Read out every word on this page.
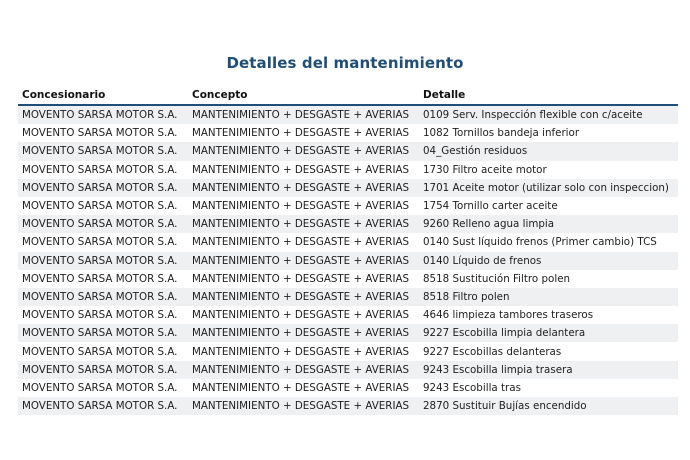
Detalles del mantenimiento
Concesionario	Concepto	Detalle
MOVENTO SARSA MOTOR S.A.	MANTENIMIENTO + DESGASTE + AVERIAS	0109 Serv. Inspección flexible con c/aceite
MOVENTO SARSA MOTOR S.A.	MANTENIMIENTO + DESGASTE + AVERIAS	1082 Tornillos bandeja inferior
MOVENTO SARSA MOTOR S.A.	MANTENIMIENTO + DESGASTE + AVERIAS	04_Gestión residuos
MOVENTO SARSA MOTOR S.A.	MANTENIMIENTO + DESGASTE + AVERIAS	1730 Filtro aceite motor
MOVENTO SARSA MOTOR S.A.	MANTENIMIENTO + DESGASTE + AVERIAS	1701 Aceite motor (utilizar solo con inspeccion)
MOVENTO SARSA MOTOR S.A.	MANTENIMIENTO + DESGASTE + AVERIAS	1754 Tornillo carter aceite
MOVENTO SARSA MOTOR S.A.	MANTENIMIENTO + DESGASTE + AVERIAS	9260 Relleno agua limpia
MOVENTO SARSA MOTOR S.A.	MANTENIMIENTO + DESGASTE + AVERIAS	0140 Sust líquido frenos (Primer cambio) TCS
MOVENTO SARSA MOTOR S.A.	MANTENIMIENTO + DESGASTE + AVERIAS	0140 Líquido de frenos
MOVENTO SARSA MOTOR S.A.	MANTENIMIENTO + DESGASTE + AVERIAS	8518 Sustitución Filtro polen
MOVENTO SARSA MOTOR S.A.	MANTENIMIENTO + DESGASTE + AVERIAS	8518 Filtro polen
MOVENTO SARSA MOTOR S.A.	MANTENIMIENTO + DESGASTE + AVERIAS	4646 limpieza tambores traseros
MOVENTO SARSA MOTOR S.A.	MANTENIMIENTO + DESGASTE + AVERIAS	9227 Escobilla limpia delantera
MOVENTO SARSA MOTOR S.A.	MANTENIMIENTO + DESGASTE + AVERIAS	9227 Escobillas delanteras
MOVENTO SARSA MOTOR S.A.	MANTENIMIENTO + DESGASTE + AVERIAS	9243 Escobilla limpia trasera
MOVENTO SARSA MOTOR S.A.	MANTENIMIENTO + DESGASTE + AVERIAS	9243 Escobilla tras
MOVENTO SARSA MOTOR S.A.	MANTENIMIENTO + DESGASTE + AVERIAS	2870 Sustituir Bujías encendido
